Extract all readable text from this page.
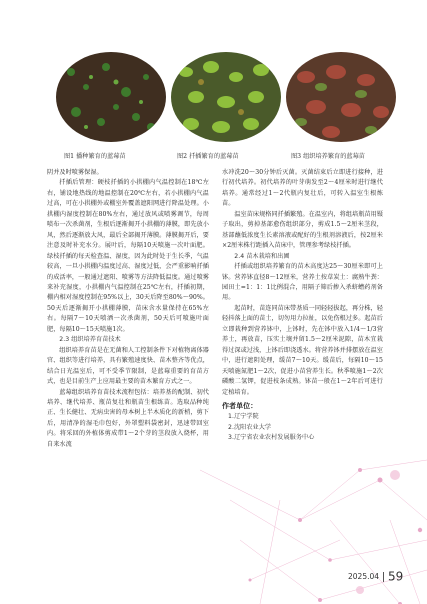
图1 播种繁育的蓝莓苗	图2 扦插繁育的蓝莓苗	图3 组织培养繁育的蓝莓苗

阴并及时喷雾保湿。

扦插后管理：硬枝扦插的小拱棚内气温控制在18℃左右，铺设地热线的地温控制在20℃左右，若小拱棚内气温过高，可在小拱棚外或棚室外覆盖遮阳网进行降温处理。小拱棚内湿度控制在80%左右，通过放风或喷雾调节，每周喷布一次杀菌剂，生根后逐渐揭开小拱棚的薄膜，即先放小风，然后逐渐放大风，最后全部揭开薄膜。薄膜揭开后，要注意及时补充水分。展叶后，每隔10天喷施一次叶面肥。绿枝扦插的每天检查温、湿度，因为此时处于生长季，气温较高，一旦小拱棚内温度过高、湿度过低，会严重影响扦插的成活率，一般通过遮阳、喷雾等方法降低温度。通过喷雾来补充湿度，小拱棚内气温控制在25℃左右，扦插初期，棚内相对湿度控制在95%以上，30天后降至80%～90%。50天后逐渐揭开小拱棚薄膜，苗床含水量保持在65%左右。每隔7～10天喷洒一次杀菌剂，50天后可喷施叶面肥，每隔10～15天喷施1次。

2.3 组织培养育苗技术

组织培养育苗是在无菌和人工控制条件下对植物离体器官、组织等进行培养，具有繁殖速度快、苗木整齐等优点，结合日光温室后，可不受季节限制，是蓝莓重要的育苗方式，也是目前生产上应用最主要的苗木繁育方式之一。

蓝莓组织培养育苗技术流程包括：培养基的配制、初代培养、继代培养、瓶苗复壮和瓶苗生根练苗。选取品种纯正、生长健壮、无病虫害的母本树上半木质化的新梢，剪下后，用清净的湿毛巾包好，外罩塑料袋密封，迅速带回室内。将采回的外植体剪成带1～2个芽的茎段放入烧杯，用自来水流

水冲洗20～30分钟后灭菌。灭菌结束后立即进行接种，进行初代培养。初代培养的叶芽萌发至2～4厘米时进行继代培养。通常经过1～2代瓶内复壮后，可转入温室生根炼苗。

温室苗床规格同扦插繁殖。在温室内，将组培瓶苗用镊子取出，剪掉基部愈伤组织部分，剪成1.5～2厘米茎段，基部蘸低浓度生长素溶液或配好的生根剂溶液后，按2厘米×2厘米株行距插入苗床中，管理参考绿枝扦插。

2.4 苗木栽培和出圃

扦插或组织培养繁育的苗木高度达25～30厘米即可上钵。营养钵直径8～12厘米，营养土按草炭土：腐熟牛粪：园田土=1：1：1比例混合，用隔子筛后掺入杀蛴螬药剂备用。

起苗时，苗连同苗床带基质一同轻轻拔起，再分株，轻轻抖落上面的苗土，切勿用力拉扯，以免伤根过多。起苗后立即栽种到营养钵中，上钵时，先在钵中放入1/4～1/3营养土，再放苗，压实土壤并留1.5～2厘米泥隙，苗木宜栽得过深或过浅，上钵后即浇透水。将营养钵并排摆放在温室中，进行遮阴处理，缓苗7～10天。缓苗后，每隔10～15天喷施氮肥1～2次，促进小苗营养生长。秋季喷施1～2次磷酸二氢钾，促进枝条成熟。钵苗一般在1～2年后可进行定植培育。

作者单位：
1.辽宁学院
2.沈阳农业大学
3.辽宁省农业农村发展服务中心
2025.04 59
